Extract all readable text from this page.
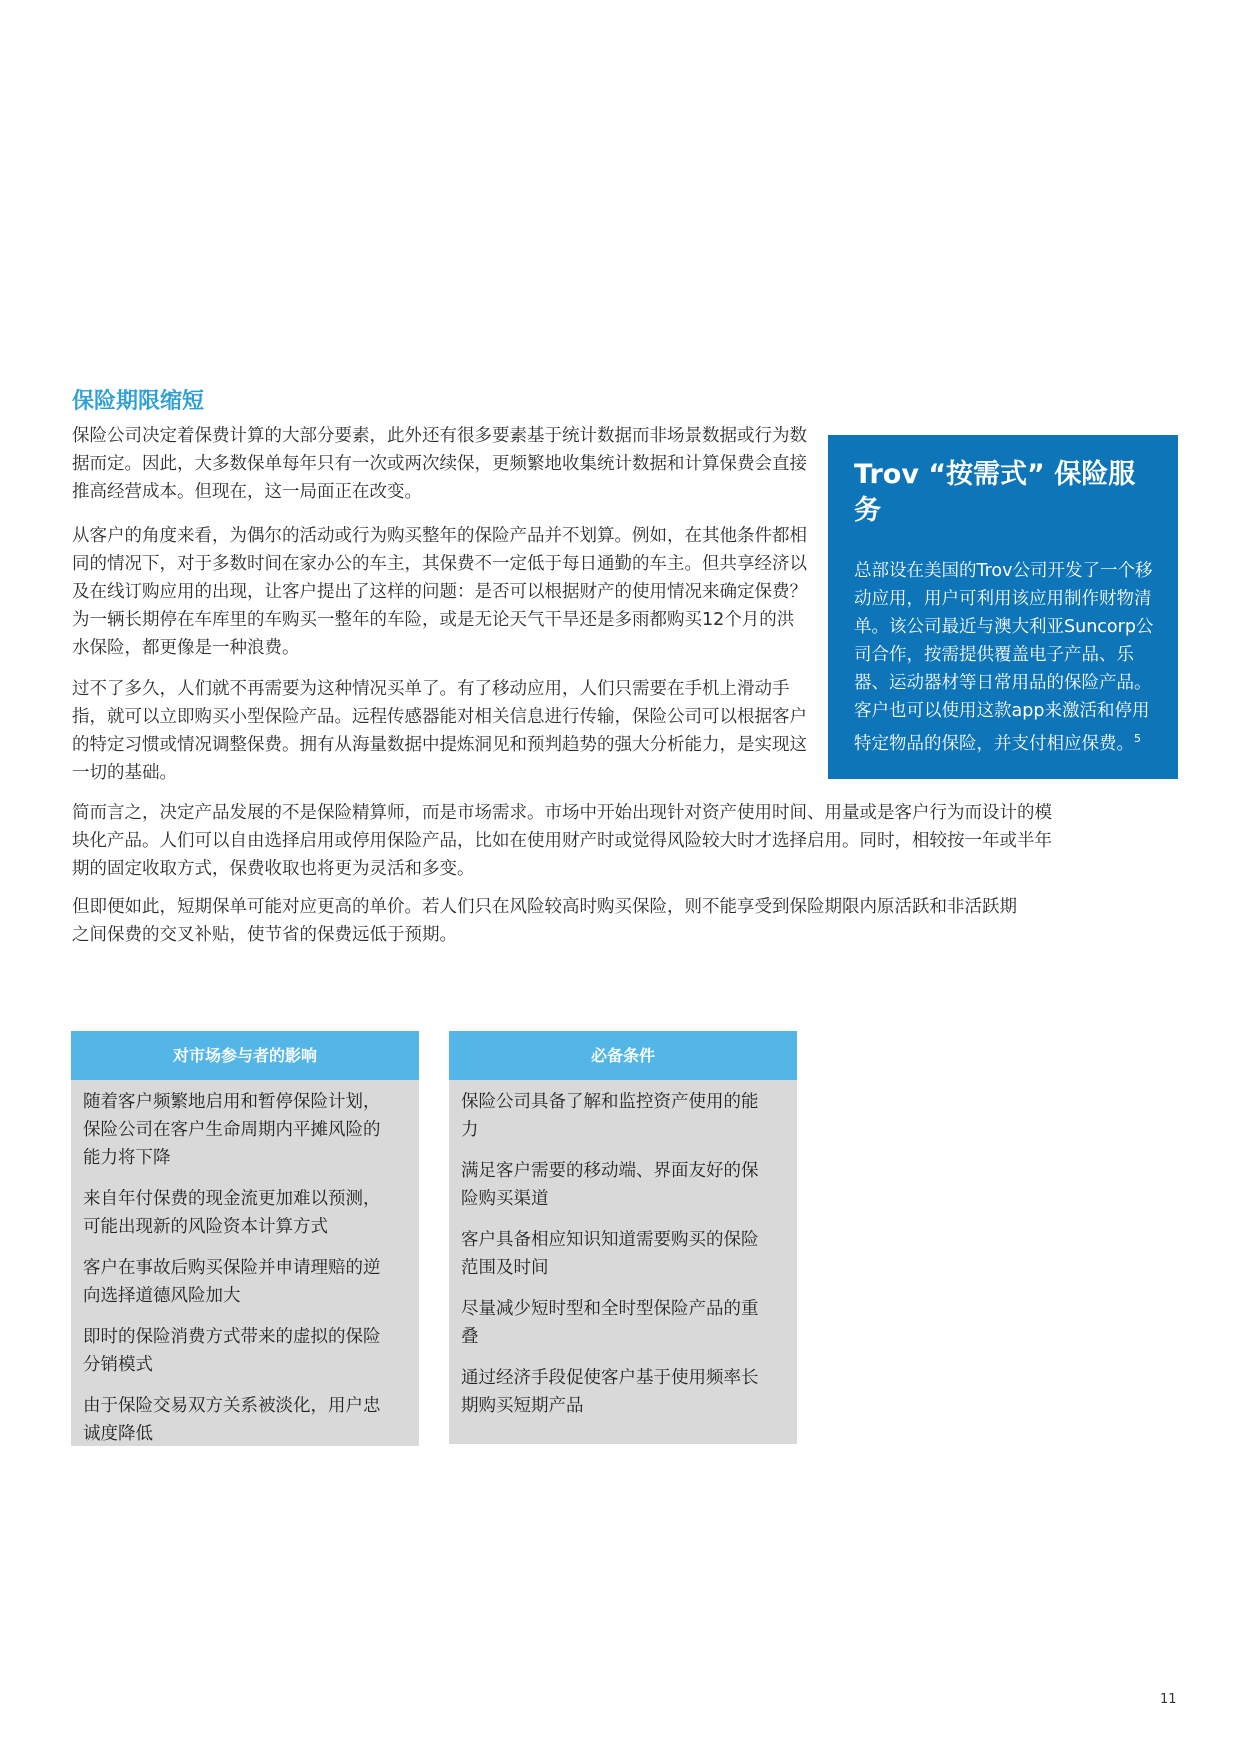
保险期限缩短

保险公司决定着保费计算的大部分要素，此外还有很多要素基于统计数据而非场景数据或行为数据而定。因此，大多数保单每年只有一次或两次续保，更频繁地收集统计数据和计算保费会直接推高经营成本。但现在，这一局面正在改变。

从客户的角度来看，为偶尔的活动或行为购买整年的保险产品并不划算。例如，在其他条件都相同的情况下，对于多数时间在家办公的车主，其保费不一定低于每日通勤的车主。但共享经济以及在线订购应用的出现，让客户提出了这样的问题：是否可以根据财产的使用情况来确定保费？为一辆长期停在车库里的车购买一整年的车险，或是无论天气干旱还是多雨都购买12个月的洪水保险，都更像是一种浪费。

过不了多久，人们就不再需要为这种情况买单了。有了移动应用，人们只需要在手机上滑动手指，就可以立即购买小型保险产品。远程传感器能对相关信息进行传输，保险公司可以根据客户的特定习惯或情况调整保费。拥有从海量数据中提炼洞见和预判趋势的强大分析能力，是实现这一切的基础。

简而言之，决定产品发展的不是保险精算师，而是市场需求。市场中开始出现针对资产使用时间、用量或是客户行为而设计的模块化产品。人们可以自由选择启用或停用保险产品，比如在使用财产时或觉得风险较大时才选择启用。同时，相较按一年或半年期的固定收取方式，保费收取也将更为灵活和多变。

但即便如此，短期保单可能对应更高的单价。若人们只在风险较高时购买保险，则不能享受到保险期限内原活跃和非活跃期之间保费的交叉补贴，使节省的保费远低于预期。

Trov “按需式” 保险服务

总部设在美国的Trov公司开发了一个移动应用，用户可利用该应用制作财物清单。该公司最近与澳大利亚Suncorp公司合作，按需提供覆盖电子产品、乐器、运动器材等日常用品的保险产品。客户也可以使用这款app来激活和停用特定物品的保险，并支付相应保费。$^5$

对市场参与者的影响
随着客户频繁地启用和暂停保险计划，保险公司在客户生命周期内平摊风险的能力将下降
来自年付保费的现金流更加难以预测，可能出现新的风险资本计算方式
客户在事故后购买保险并申请理赔的逆向选择道德风险加大
即时的保险消费方式带来的虚拟的保险分销模式
由于保险交易双方关系被淡化，用户忠诚度降低
必备条件
保险公司具备了解和监控资产使用的能力
满足客户需要的移动端、界面友好的保险购买渠道
客户具备相应知识知道需要购买的保险范围及时间
尽量减少短时型和全时型保险产品的重叠
通过经济手段促使客户基于使用频率长期购买短期产品
11
